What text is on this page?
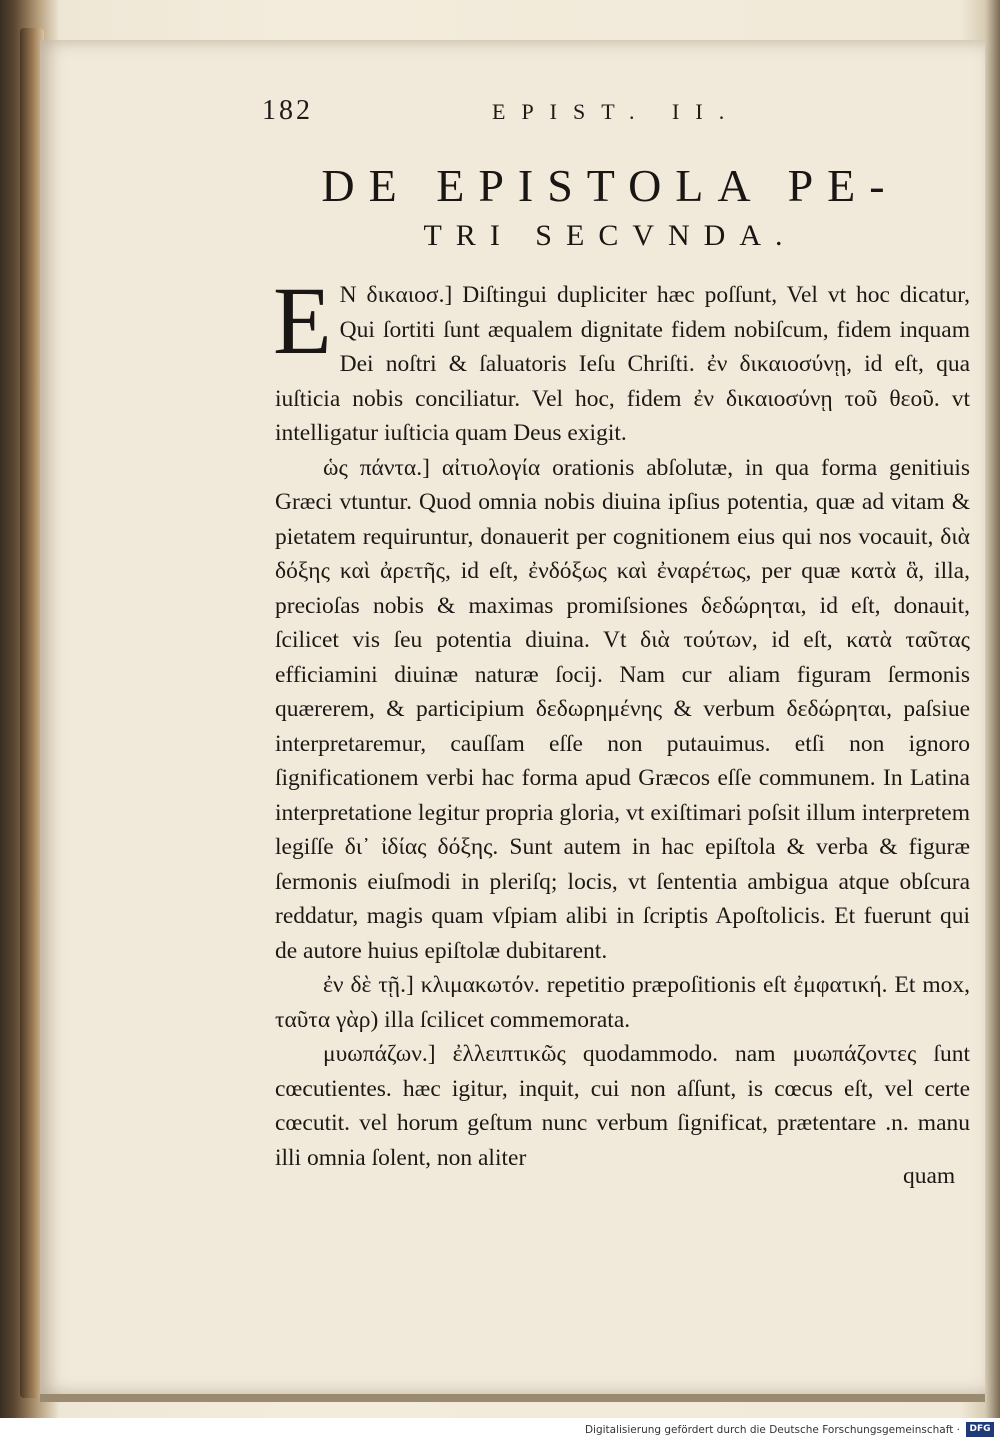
182	EPIST. II.
DE EPISTOLA PE-
TRI SECVNDA.

E N δικαιοσ.] Diſtingui dupliciter hæc poſſunt, Vel vt hoc dicatur, Qui ſortiti ſunt æqualem dignitate fidem nobiſcum, fidem inquam Dei noſtri & ſaluatoris Ieſu Chriſti. ἐν δικαιοσύνῃ, id eſt, qua iuſticia nobis conciliatur. Vel hoc, fidem ἐν δικαιοσύνῃ τοῦ θεοῦ. vt intelligatur iuſticia quam Deus exigit.

ὡς πάντα.] αἰτιολογία orationis abſolutæ, in qua forma genitiuis Græci vtuntur. Quod omnia nobis diuina ipſius potentia, quæ ad vitam & pietatem requiruntur, donauerit per cognitionem eius qui nos vocauit, διὰ δόξης καὶ ἀρετῆς, id eſt, ἐνδόξως καὶ ἐναρέτως, per quæ κατὰ ἃ, illa, precioſas nobis & maximas promiſsiones δεδώρηται, id eſt, donauit, ſcilicet vis ſeu potentia diuina. Vt διὰ τούτων, id eſt, κατὰ ταῦτας efficiamini diuinæ naturæ ſocij. Nam cur aliam figuram ſermonis quærerem, & participium δεδωρημένης & verbum δεδώρηται, paſsiue interpretaremur, cauſſam eſſe non putauimus. etſi non ignoro ſignificationem verbi hac forma apud Græcos eſſe communem. In Latina interpretatione legitur propria gloria, vt exiſtimari poſsit illum interpretem legiſſe δι᾽ ἰδίας δόξης. Sunt autem in hac epiſtola & verba & figuræ ſermonis eiuſmodi in pleriſq; locis, vt ſententia ambigua atque obſcura reddatur, magis quam vſpiam alibi in ſcriptis Apoſtolicis. Et fuerunt qui de autore huius epiſtolæ dubitarent.

ἐν δὲ τῇ.] κλιμακωτόν. repetitio præpoſitionis eſt ἐμφατική. Et mox, ταῦτα γὰρ) illa ſcilicet commemorata.

μυωπάζων.] ἐλλειπτικῶς quodammodo. nam μυωπάζοντες ſunt cœcutientes. hæc igitur, inquit, cui non aſſunt, is cœcus eſt, vel certe cœcutit. vel horum geſtum nunc verbum ſignificat, prætentare .n. manu illi omnia ſolent, non aliter

quam
Digitalisierung gefördert durch die Deutsche Forschungsgemeinschaft ·	DFG
